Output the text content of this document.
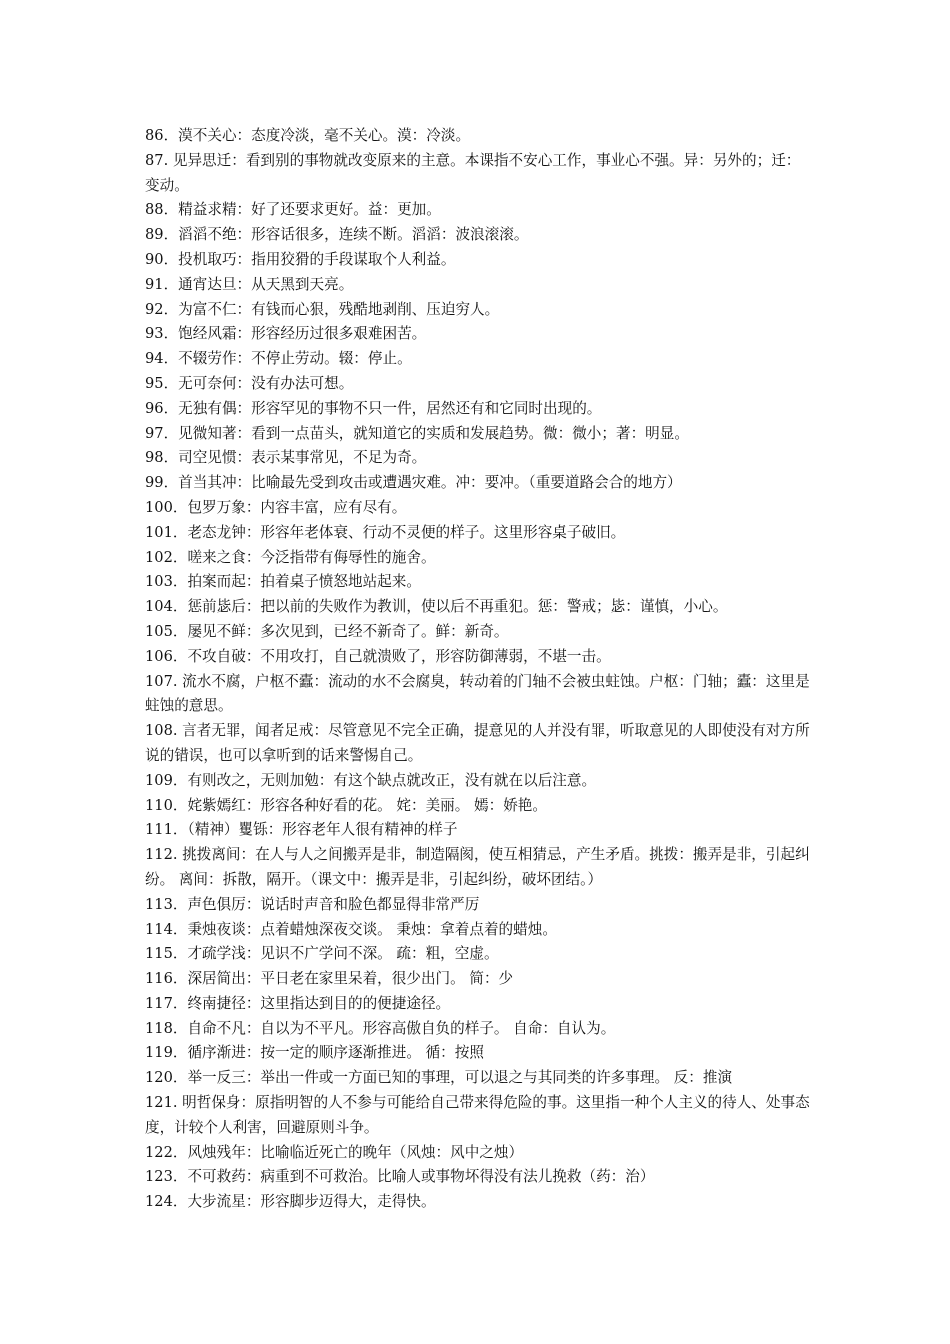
86．漠不关心：态度冷淡，毫不关心。漠：冷淡。

87. 见异思迁：看到别的事物就改变原来的主意。本课指不安心工作，事业心不强。异：另外的；迁：变动。

88．精益求精：好了还要求更好。益：更加。

89．滔滔不绝：形容话很多，连续不断。滔滔：波浪滚滚。

90．投机取巧：指用狡猾的手段谋取个人利益。

91．通宵达旦：从天黑到天亮。

92．为富不仁：有钱而心狠，残酷地剥削、压迫穷人。

93．饱经风霜：形容经历过很多艰难困苦。

94．不辍劳作：不停止劳动。辍：停止。

95．无可奈何：没有办法可想。

96．无独有偶：形容罕见的事物不只一件，居然还有和它同时出现的。

97．见微知著：看到一点苗头，就知道它的实质和发展趋势。微：微小；著：明显。

98．司空见惯：表示某事常见，不足为奇。

99．首当其冲：比喻最先受到攻击或遭遇灾难。冲：要冲。（重要道路会合的地方）

100．包罗万象：内容丰富，应有尽有。

101．老态龙钟：形容年老体衰、行动不灵便的样子。这里形容桌子破旧。

102．嗟来之食：今泛指带有侮辱性的施舍。

103．拍案而起：拍着桌子愤怒地站起来。

104．惩前毖后：把以前的失败作为教训，使以后不再重犯。惩：警戒；毖：谨慎，小心。

105．屡见不鲜：多次见到，已经不新奇了。鲜：新奇。

106．不攻自破：不用攻打，自己就溃败了，形容防御薄弱，不堪一击。

107. 流水不腐，户枢不蠹：流动的水不会腐臭，转动着的门轴不会被虫蛀蚀。户枢：门轴；蠹：这里是蛀蚀的意思。

108. 言者无罪，闻者足戒：尽管意见不完全正确，提意见的人并没有罪，听取意见的人即使没有对方所说的错误，也可以拿听到的话来警惕自己。

109．有则改之，无则加勉：有这个缺点就改正，没有就在以后注意。

110．姹紫嫣红：形容各种好看的花。 姹：美丽。 嫣：娇艳。

111．（精神）矍铄：形容老年人很有精神的样子

112. 挑拨离间：在人与人之间搬弄是非，制造隔阂，使互相猜忌，产生矛盾。挑拨：搬弄是非，引起纠纷。 离间：拆散，隔开。（课文中：搬弄是非，引起纠纷，破坏团结。）

113．声色俱厉：说话时声音和脸色都显得非常严厉

114．秉烛夜谈：点着蜡烛深夜交谈。 秉烛：拿着点着的蜡烛。

115．才疏学浅：见识不广学问不深。 疏：粗，空虚。

116．深居简出：平日老在家里呆着，很少出门。 简：少

117．终南捷径：这里指达到目的的便捷途径。

118．自命不凡：自以为不平凡。形容高傲自负的样子。 自命：自认为。

119．循序渐进：按一定的顺序逐渐推进。 循：按照

120．举一反三：举出一件或一方面已知的事理，可以退之与其同类的许多事理。 反：推演

121. 明哲保身：原指明智的人不参与可能给自己带来得危险的事。这里指一种个人主义的待人、处事态度，计较个人利害，回避原则斗争。

122．风烛残年：比喻临近死亡的晚年（风烛：风中之烛）

123．不可救药：病重到不可救治。比喻人或事物坏得没有法儿挽救（药：治）

124．大步流星：形容脚步迈得大，走得快。
